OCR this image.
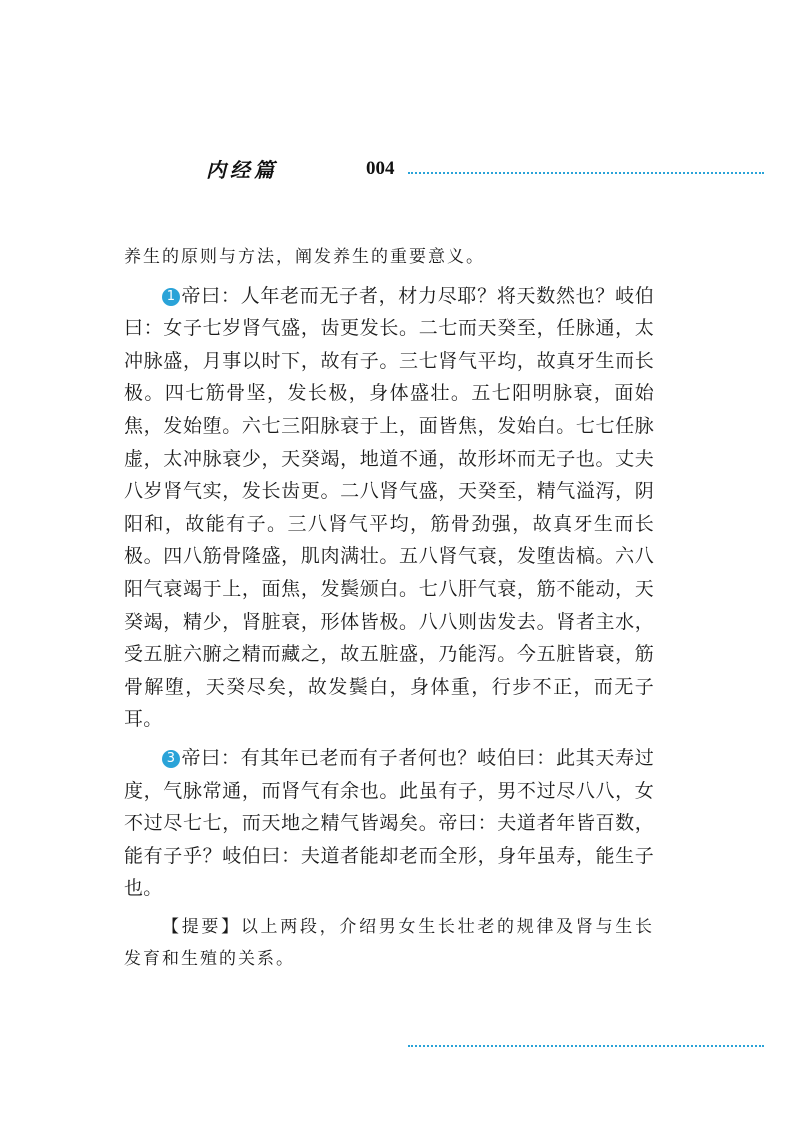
内经篇	004

养生的原则与方法，阐发养生的重要意义。

1 帝曰：人年老而无子者，材力尽耶？将天数然也？岐伯曰：女子七岁肾气盛，齿更发长。二七而天癸至，任脉通，太冲脉盛，月事以时下，故有子。三七肾气平均，故真牙生而长极。四七筋骨坚，发长极，身体盛壮。五七阳明脉衰，面始焦，发始堕。六七三阳脉衰于上，面皆焦，发始白。七七任脉虚，太冲脉衰少，天癸竭，地道不通，故形坏而无子也。丈夫八岁肾气实，发长齿更。二八肾气盛，天癸至，精气溢泻，阴阳和，故能有子。三八肾气平均，筋骨劲强，故真牙生而长极。四八筋骨隆盛，肌肉满壮。五八肾气衰，发堕齿槁。六八阳气衰竭于上，面焦，发鬓颁白。七八肝气衰，筋不能动，天癸竭，精少，肾脏衰，形体皆极。八八则齿发去。肾者主水，受五脏六腑之精而藏之，故五脏盛，乃能泻。今五脏皆衰，筋骨解堕，天癸尽矣，故发鬓白，身体重，行步不正，而无子耳。

3 帝曰：有其年已老而有子者何也？岐伯曰：此其天寿过度，气脉常通，而肾气有余也。此虽有子，男不过尽八八，女不过尽七七，而天地之精气皆竭矣。帝曰：夫道者年皆百数，能有子乎？岐伯曰：夫道者能却老而全形，身年虽寿，能生子也。

【提要】以上两段，介绍男女生长壮老的规律及肾与生长发育和生殖的关系。
